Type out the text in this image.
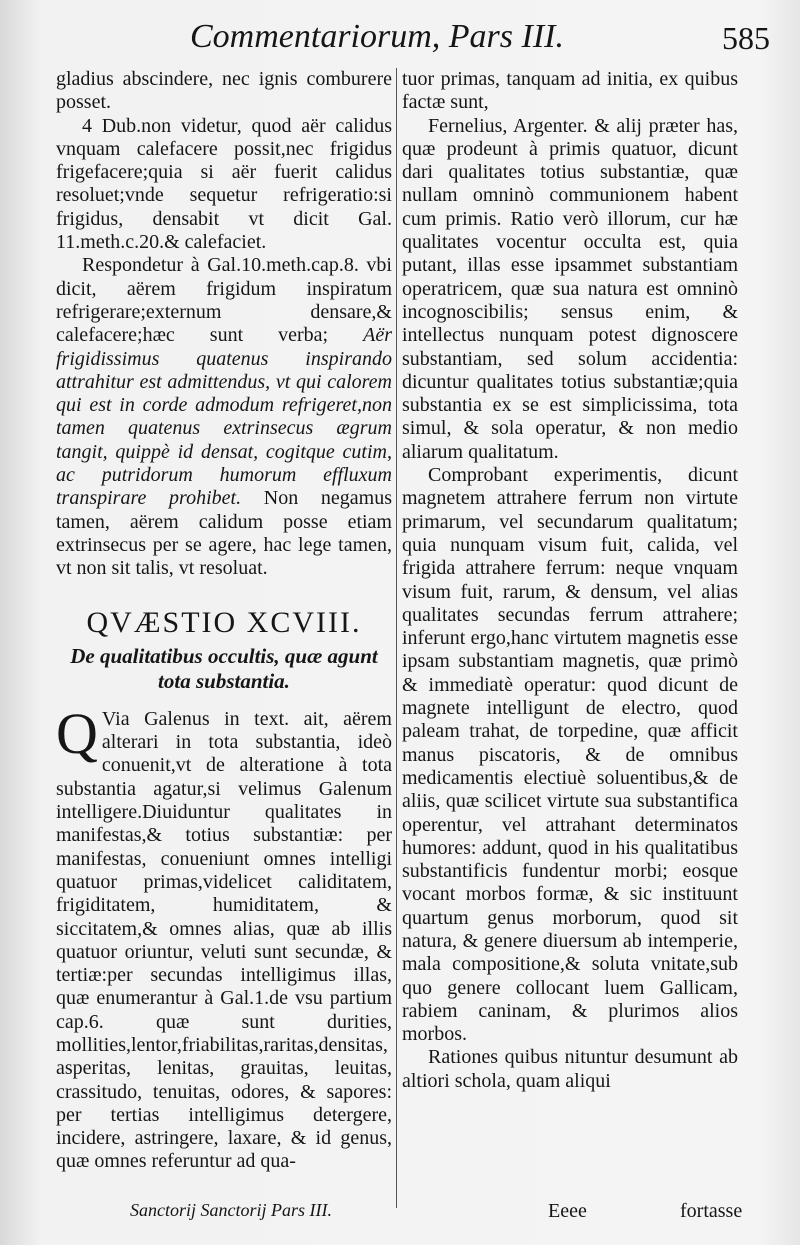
Commentariorum, Pars III.	585

gladius abscindere, nec ignis comburere posset.

4 Dub.non videtur, quod aër calidus vnquam calefacere possit,nec frigidus frigefacere;quia si aër fuerit calidus resoluet;vnde sequetur refrigeratio:si frigidus, densabit vt dicit Gal. 11.meth.c.20.& calefaciet.

Respondetur à Gal.10.meth.cap.8. vbi dicit, aërem frigidum inspiratum refrigerare;externum densare,& calefacere;hæc sunt verba; Aër frigidissimus quatenus inspirando attrahitur est admittendus, vt qui calorem qui est in corde admodum refrigeret,non tamen quatenus extrinsecus ægrum tangit, quippè id densat, cogitque cutim, ac putridorum humorum effluxum transpirare prohibet. Non negamus tamen, aërem calidum posse etiam extrinsecus per se agere, hac lege tamen, vt non sit talis, vt resoluat.

QVÆSTIO XCVIII.
De qualitatibus occultis, quæ agunt tota substantia.

Q Via Galenus in text. ait, aërem alterari in tota substantia, ideò conuenit,vt de alteratione à tota substantia agatur,si velimus Galenum intelligere.Diuiduntur qualitates in manifestas,& totius substantiæ: per manifestas, conueniunt omnes intelligi quatuor primas,videlicet caliditatem, frigiditatem, humiditatem, & siccitatem,& omnes alias, quæ ab illis quatuor oriuntur, veluti sunt secundæ, & tertiæ:per secundas intelligimus illas, quæ enumerantur à Gal.1.de vsu partium cap.6. quæ sunt durities, mollities,lentor,friabilitas,raritas,densitas, asperitas, lenitas, grauitas, leuitas, crassitudo, tenuitas, odores, & sapores: per tertias intelligimus detergere, incidere, astringere, laxare, & id genus, quæ omnes referuntur ad qua-

tuor primas, tanquam ad initia, ex quibus factæ sunt,

Fernelius, Argenter. & alij præter has, quæ prodeunt à primis quatuor, dicunt dari qualitates totius substantiæ, quæ nullam omninò communionem habent cum primis. Ratio verò illorum, cur hæ qualitates vocentur occulta est, quia putant, illas esse ipsammet substantiam operatricem, quæ sua natura est omninò incognoscibilis; sensus enim, & intellectus nunquam potest dignoscere substantiam, sed solum accidentia: dicuntur qualitates totius substantiæ;quia substantia ex se est simplicissima, tota simul, & sola operatur, & non medio aliarum qualitatum.

Comprobant experimentis, dicunt magnetem attrahere ferrum non virtute primarum, vel secundarum qualitatum; quia nunquam visum fuit, calida, vel frigida attrahere ferrum: neque vnquam visum fuit, rarum, & densum, vel alias qualitates secundas ferrum attrahere; inferunt ergo,hanc virtutem magnetis esse ipsam substantiam magnetis, quæ primò & immediatè operatur: quod dicunt de magnete intelligunt de electro, quod paleam trahat, de torpedine, quæ afficit manus piscatoris, & de omnibus medicamentis electiuè soluentibus,& de aliis, quæ scilicet virtute sua substantifica operentur, vel attrahant determinatos humores: addunt, quod in his qualitatibus substantificis fundentur morbi; eosque vocant morbos formæ, & sic instituunt quartum genus morborum, quod sit natura, & genere diuersum ab intemperie, mala compositione,& soluta vnitate,sub quo genere collocant luem Gallicam, rabiem caninam, & plurimos alios morbos.

Rationes quibus nituntur desumunt ab altiori schola, quam aliqui

Sanctorij Sanctorij Pars III.	Eeee	fortasse
